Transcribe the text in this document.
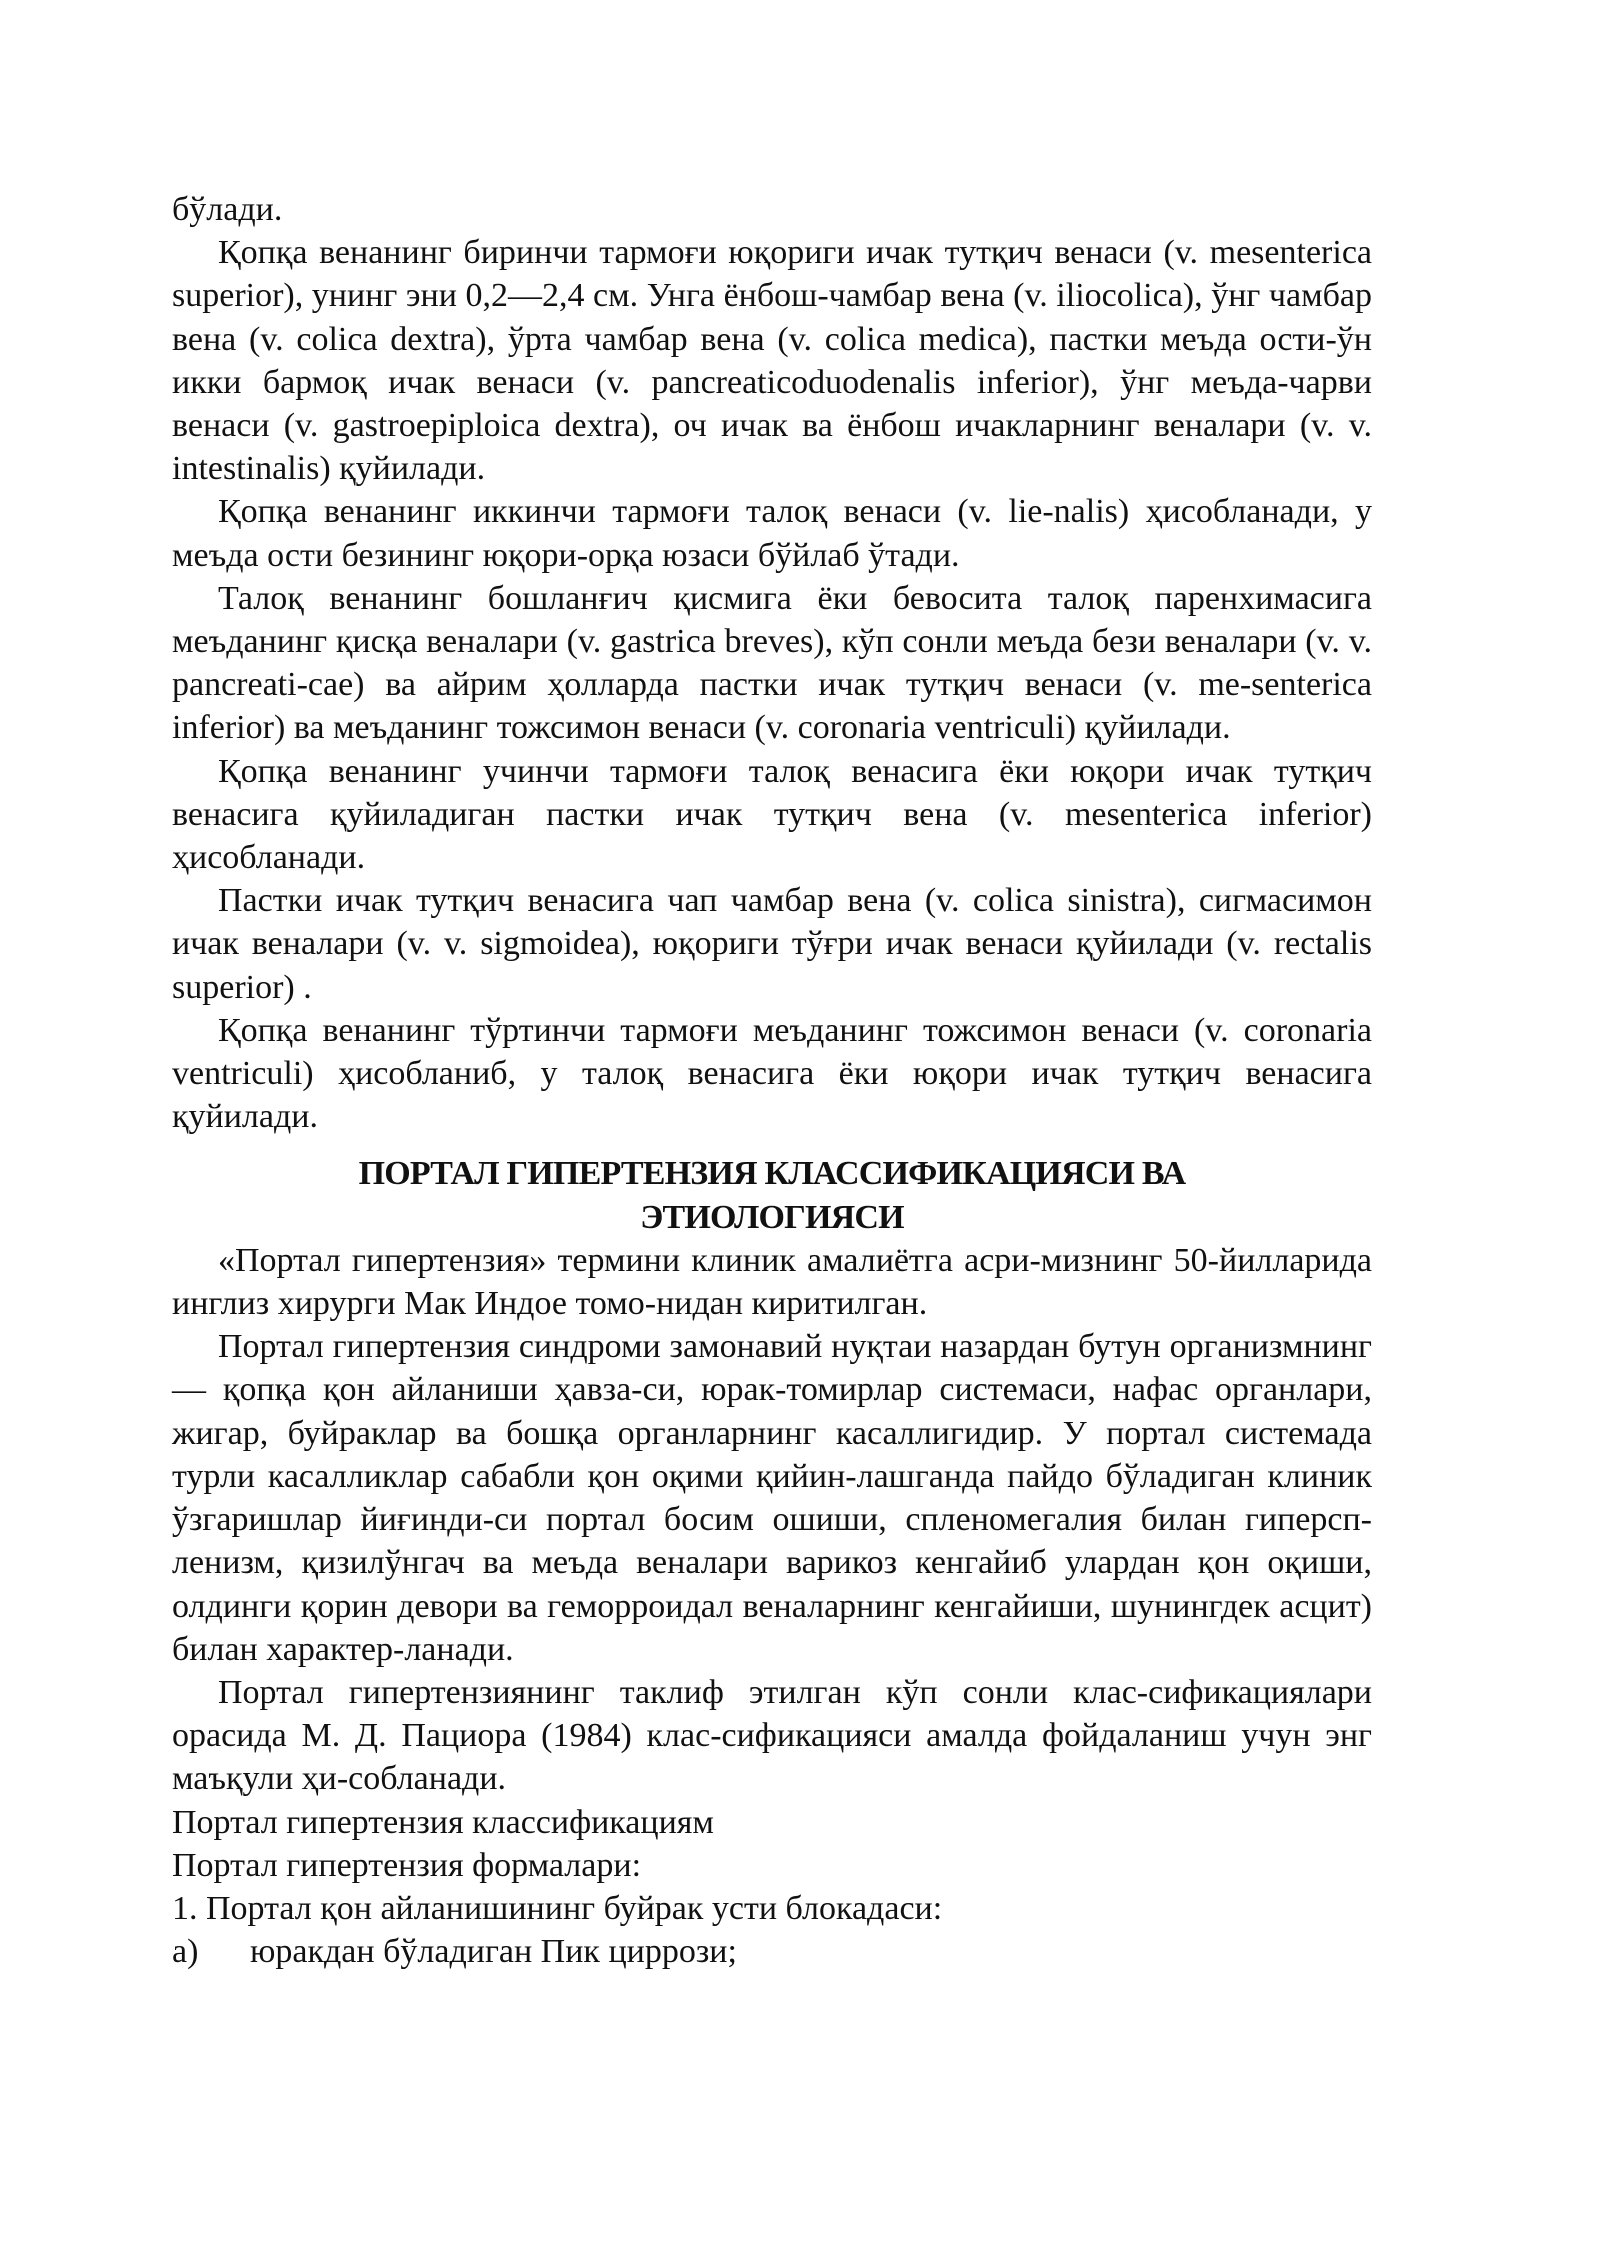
бўлади.

Қопқа венанинг биринчи тармоғи юқориги ичак тутқич венаси (v. mesenterica superior), унинг эни 0,2—2,4 см. Унга ёнбош-чамбар вена (v. iliocolica), ўнг чамбар вена (v. colica dextra), ўрта чамбар вена (v. colica medica), пастки меъда ости-ўн икки бармоқ ичак венаси (v. pancreaticoduodenalis inferior), ўнг меъда-чарви венаси (v. gastroepiploica dextra), оч ичак ва ёнбош ичакларнинг веналари (v. v. intestinalis) қуйилади.

Қопқа венанинг иккинчи тармоғи талоқ венаси (v. lie-nalis) ҳисобланади, у меъда ости безининг юқори-орқа юзаси бўйлаб ўтади.

Талоқ венанинг бошланғич қисмига ёки бевосита талоқ паренхимасига меъданинг қисқа веналари (v. gastrica breves), кўп сонли меъда бези веналари (v. v. pancreati-cae) ва айрим ҳолларда пастки ичак тутқич венаси (v. me-senterica inferior) ва меъданинг тожсимон венаси (v. coronaria ventriculi) қуйилади.

Қопқа венанинг учинчи тармоғи талоқ венасига ёки юқори ичак тутқич венасига қуйиладиган пастки ичак тутқич вена (v. mesenterica inferior) ҳисобланади.

Пастки ичак тутқич венасига чап чамбар вена (v. colica sinistra), сигмасимон ичак веналари (v. v. sigmoidea), юқориги тўғри ичак венаси қуйилади (v. rectalis superior) .

Қопқа венанинг тўртинчи тармоғи меъданинг тожсимон венаси (v. coronaria ventriculi) ҳисобланиб, у талоқ венасига ёки юқори ичак тутқич венасига қуйилади.

ПОРТАЛ ГИПЕРТЕНЗИЯ КЛАССИФИКАЦИЯСИ ВА
ЭТИОЛОГИЯСИ

«Портал гипертензия» термини клиник амалиётга асри-мизнинг 50-йилларида инглиз хирурги Мак Индое томо-нидан киритилган.

Портал гипертензия синдроми замонавий нуқтаи назардан бутун организмнинг — қопқа қон айланиши ҳавза-си, юрак-томирлар системаси, нафас органлари, жигар, буйраклар ва бошқа органларнинг касаллигидир. У портал системада турли касалликлар сабабли қон оқими қийин-лашганда пайдо бўладиган клиник ўзгаришлар йиғинди-си портал босим ошиши, спленомегалия билан гиперсп-ленизм, қизилўнгач ва меъда веналари варикоз кенгайиб улардан қон оқиши, олдинги қорин девори ва геморроидал веналарнинг кенгайиши, шунингдек асцит) билан характер-ланади.

Портал гипертензиянинг таклиф этилган кўп сонли клас-сификациялари орасида М. Д. Пациора (1984) клас-сификацияси амалда фойдаланиш учун энг маъқули ҳи-собланади.

Портал гипертензия классификациям

Портал гипертензия формалари:

1. Портал қон айланишининг буйрак усти блокадаси:

а)	юракдан бўладиган Пик циррози;
